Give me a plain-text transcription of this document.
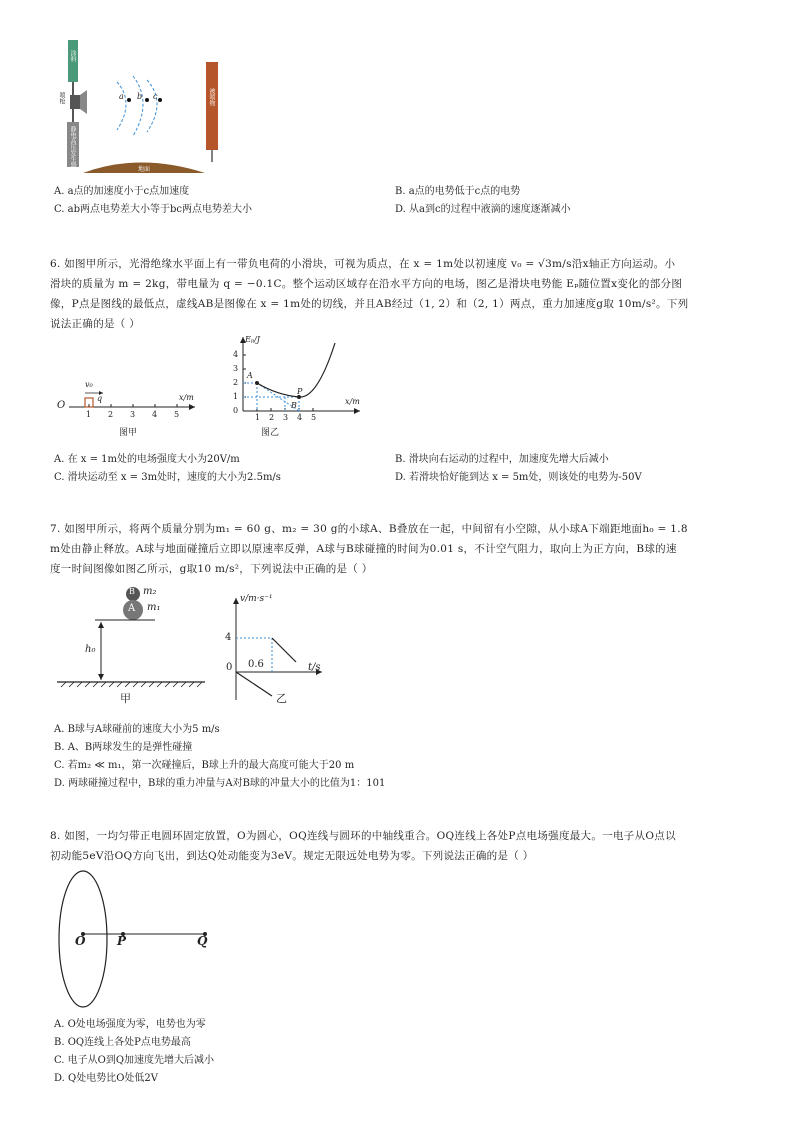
涂料
喷枪
静电高压发生器
被喷物
地面
a b c
A. a点的加速度小于c点加速度	B. a点的电势低于c点的电势
C. ab两点电势差大小等于bc两点电势差大小	D. 从a到c的过程中液滴的速度逐渐减小
6. 如图甲所示，光滑绝缘水平面上有一带负电荷的小滑块，可视为质点，在 x = 1m处以初速度 v₀ = √3m/s沿x轴正方向运动。小
滑块的质量为 m = 2kg，带电量为 q = −0.1C。整个运动区域存在沿水平方向的电场，图乙是滑块电势能 Eₚ随位置x变化的部分图
像，P点是图线的最低点，虚线AB是图像在 x = 1m处的切线，并且AB经过（1, 2）和（2, 1）两点，重力加速度g取 10m/s²。下列
说法正确的是（ ）
O
v₀
q
1 2 3 4 5
x/m
图甲
Eₚ/J
x/m
4
3
2
1
0
1 2 3 4 5
A
B
P
图乙
A. 在 x = 1m处的电场强度大小为20V/m	B. 滑块向右运动的过程中，加速度先增大后减小
C. 滑块运动至 x = 3m处时，速度的大小为2.5m/s	D. 若滑块恰好能到达 x = 5m处，则该处的电势为-50V
7. 如图甲所示，将两个质量分别为m₁ = 60 g、m₂ = 30 g的小球A、B叠放在一起，中间留有小空隙，从小球A下端距地面h₀ = 1.8
m处由静止释放。A球与地面碰撞后立即以原速率反弹，A球与B球碰撞的时间为0.01 s，不计空气阻力，取向上为正方向，B球的速
度一时间图像如图乙所示，g取10 m/s²，下列说法中正确的是（ ）
B
A
m₂
m₁
h₀
甲
v/m·s⁻¹
4
0 0.6	t/s
乙
A. B球与A球碰前的速度大小为5 m/s
B. A、B两球发生的是弹性碰撞
C. 若m₂ ≪ m₁，第一次碰撞后，B球上升的最大高度可能大于20 m
D. 两球碰撞过程中，B球的重力冲量与A对B球的冲量大小的比值为1：101
8. 如图，一均匀带正电圆环固定放置，O为圆心，OQ连线与圆环的中轴线重合。OQ连线上各处P点电场强度最大。一电子从O点以
初动能5eV沿OQ方向飞出，到达Q处动能变为3eV。规定无限远处电势为零。下列说法正确的是（ ）
O	P	Q
A. O处电场强度为零，电势也为零
B. OQ连线上各处P点电势最高
C. 电子从O到Q加速度先增大后减小
D. Q处电势比O处低2V
